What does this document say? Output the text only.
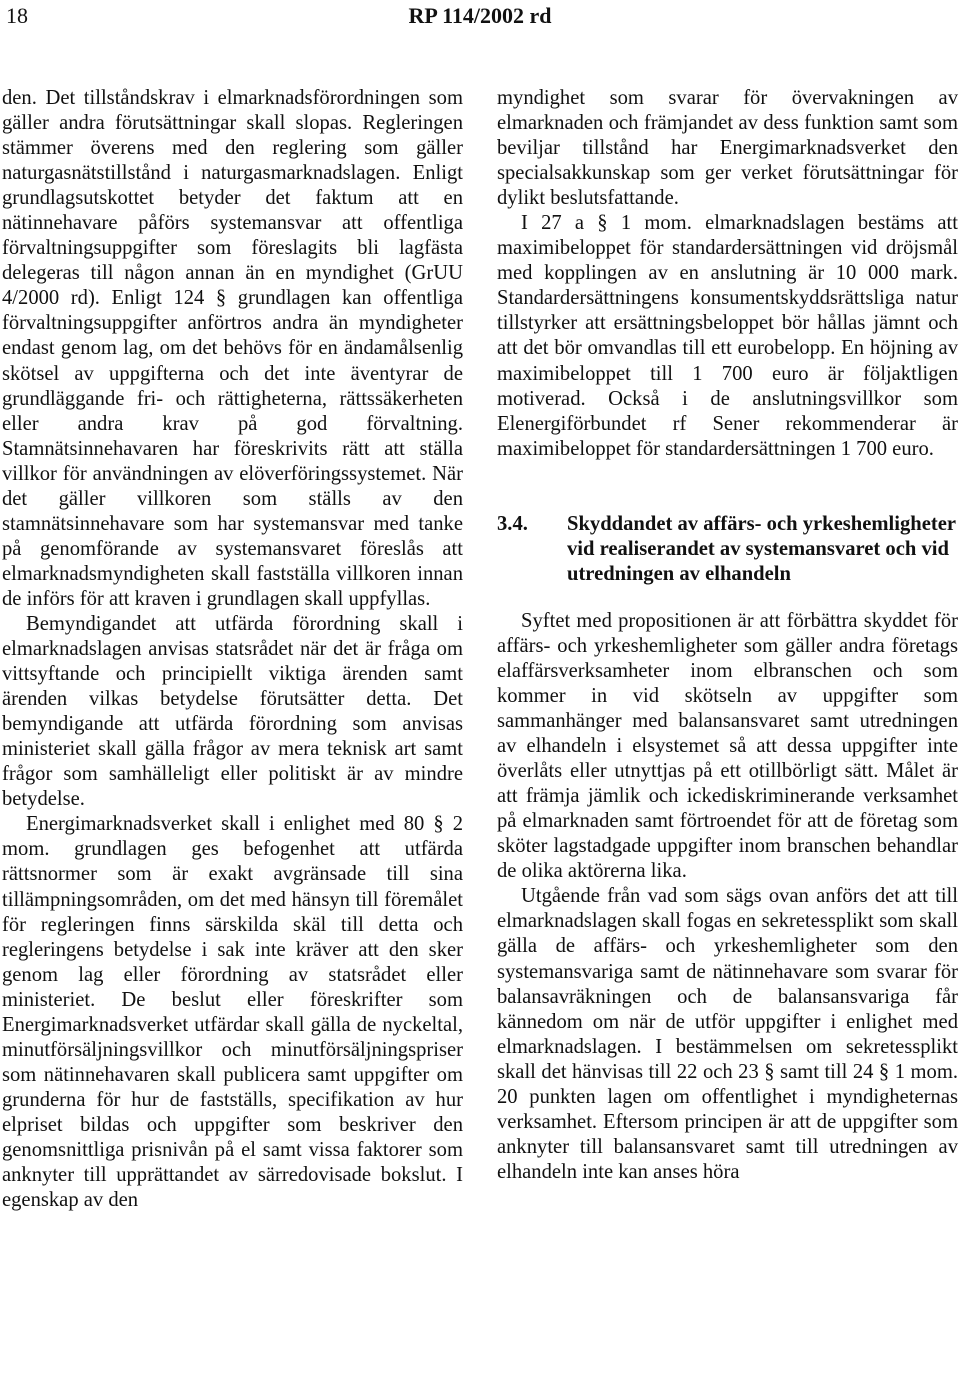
18	RP 114/2002 rd

den. Det tillståndskrav i elmarknadsförordningen som gäller andra förutsättningar skall slopas. Regleringen stämmer överens med den reglering som gäller naturgasnätstillstånd i naturgasmarknadslagen. Enligt grundlagsutskottet betyder det faktum att en nätinnehavare påförs systemansvar att offentliga förvaltningsuppgifter som föreslagits bli lagfästa delegeras till någon annan än en myndighet (GrUU 4/2000 rd). Enligt 124 § grundlagen kan offentliga förvaltningsuppgifter anförtros andra än myndigheter endast genom lag, om det behövs för en ändamålsenlig skötsel av uppgifterna och det inte äventyrar de grundläggande fri- och rättigheterna, rättssäkerheten eller andra krav på god förvaltning. Stamnätsinnehavaren har föreskrivits rätt att ställa villkor för användningen av elöverföringssystemet. När det gäller villkoren som ställs av den stamnätsinnehavare som har systemansvar med tanke på genomförande av systemansvaret föreslås att elmarknadsmyndigheten skall fastställa villkoren innan de införs för att kraven i grundlagen skall uppfyllas.

Bemyndigandet att utfärda förordning skall i elmarknadslagen anvisas statsrådet när det är fråga om vittsyftande och principiellt viktiga ärenden samt ärenden vilkas betydelse förutsätter detta. Det bemyndigande att utfärda förordning som anvisas ministeriet skall gälla frågor av mera teknisk art samt frågor som samhälleligt eller politiskt är av mindre betydelse.

Energimarknadsverket skall i enlighet med 80 § 2 mom. grundlagen ges befogenhet att utfärda rättsnormer som är exakt avgränsade till sina tillämpningsområden, om det med hänsyn till föremålet för regleringen finns särskilda skäl till detta och regleringens betydelse i sak inte kräver att den sker genom lag eller förordning av statsrådet eller ministeriet. De beslut eller föreskrifter som Energimarknadsverket utfärdar skall gälla de nyckeltal, minutförsäljningsvillkor och minutförsäljningspriser som nätinnehavaren skall publicera samt uppgifter om grunderna för hur de fastställs, specifikation av hur elpriset bildas och uppgifter som beskriver den genomsnittliga prisnivån på el samt vissa faktorer som anknyter till upprättandet av särredovisade bokslut. I egenskap av den

myndighet som svarar för övervakningen av elmarknaden och främjandet av dess funktion samt som beviljar tillstånd har Energimarknadsverket den specialsakkunskap som ger verket förutsättningar för dylikt beslutsfattande.

I 27 a § 1 mom. elmarknadslagen bestäms att maximibeloppet för standardersättningen vid dröjsmål med kopplingen av en anslutning är 10 000 mark. Standardersättningens konsumentskyddsrättsliga natur tillstyrker att ersättningsbeloppet bör hållas jämnt och att det bör omvandlas till ett eurobelopp. En höjning av maximibeloppet till 1 700 euro är följaktligen motiverad. Också i de anslutningsvillkor som Elenergiförbundet rf Sener rekommenderar är maximibeloppet för standardersättningen 1 700 euro.

3.4.	Skyddandet av affärs- och yrkeshemligheter vid realiserandet av systemansvaret och vid utredningen av elhandeln

Syftet med propositionen är att förbättra skyddet för affärs- och yrkeshemligheter som gäller andra företags elaffärsverksamheter inom elbranschen och som kommer in vid skötseln av uppgifter som sammanhänger med balansansvaret samt utredningen av elhandeln i elsystemet så att dessa uppgifter inte överlåts eller utnyttjas på ett otillbörligt sätt. Målet är att främja jämlik och ickediskriminerande verksamhet på elmarknaden samt förtroendet för att de företag som sköter lagstadgade uppgifter inom branschen behandlar de olika aktörerna lika.

Utgående från vad som sägs ovan anförs det att till elmarknadslagen skall fogas en sekretessplikt som skall gälla de affärs- och yrkeshemligheter som den systemansvariga samt de nätinnehavare som svarar för balansavräkningen och de balansansvariga får kännedom om när de utför uppgifter i enlighet med elmarknadslagen. I bestämmelsen om sekretessplikt skall det hänvisas till 22 och 23 § samt till 24 § 1 mom. 20 punkten lagen om offentlighet i myndigheternas verksamhet. Eftersom principen är att de uppgifter som anknyter till balansansvaret samt till utredningen av elhandeln inte kan anses höra
